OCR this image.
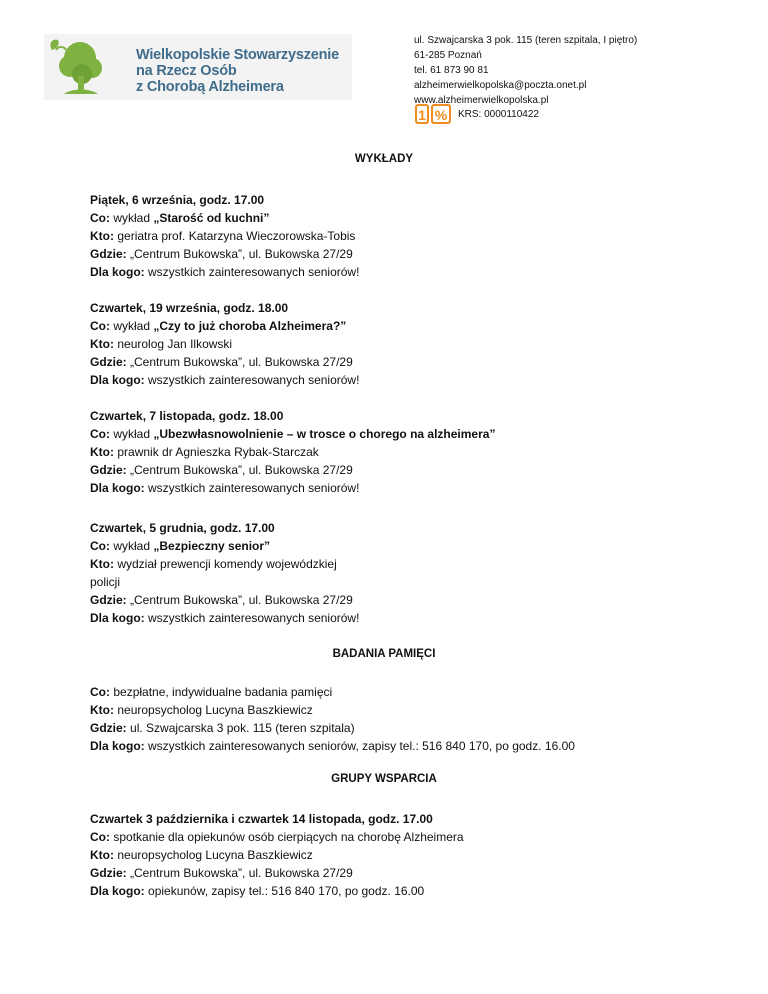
Wielkopolskie Stowarzyszenie
na Rzecz Osób
z Chorobą Alzheimera
ul. Szwajcarska 3 pok. 115 (teren szpitala, I piętro)
61-285 Poznań
tel. 61 873 90 81
alzheimerwielkopolska@poczta.onet.pl
www.alzheimerwielkopolska.pl
1 %	KRS: 0000110422
WYKŁADY
Piątek, 6 września, godz. 17.00
Co: wykład „Starość od kuchni”
Kto: geriatra prof. Katarzyna Wieczorowska-Tobis
Gdzie: „Centrum Bukowska”, ul. Bukowska 27/29
Dla kogo: wszystkich zainteresowanych seniorów!
Czwartek, 19 września, godz. 18.00
Co: wykład „Czy to już choroba Alzheimera?”
Kto: neurolog Jan Ilkowski
Gdzie: „Centrum Bukowska”, ul. Bukowska 27/29
Dla kogo: wszystkich zainteresowanych seniorów!
Czwartek, 7 listopada, godz. 18.00
Co: wykład „Ubezwłasnowolnienie – w trosce o chorego na alzheimera”
Kto: prawnik dr Agnieszka Rybak-Starczak
Gdzie: „Centrum Bukowska”, ul. Bukowska 27/29
Dla kogo: wszystkich zainteresowanych seniorów!
Czwartek, 5 grudnia, godz. 17.00
Co: wykład „Bezpieczny senior”
Kto: wydział prewencji komendy wojewódzkiej
policji
Gdzie: „Centrum Bukowska”, ul. Bukowska 27/29
Dla kogo: wszystkich zainteresowanych seniorów!
BADANIA PAMIĘCI
Co: bezpłatne, indywidualne badania pamięci
Kto: neuropsycholog Lucyna Baszkiewicz
Gdzie: ul. Szwajcarska 3 pok. 115 (teren szpitala)
Dla kogo: wszystkich zainteresowanych seniorów, zapisy tel.: 516 840 170, po godz. 16.00
GRUPY WSPARCIA
Czwartek 3 października i czwartek 14 listopada, godz. 17.00
Co: spotkanie dla opiekunów osób cierpiących na chorobę Alzheimera
Kto: neuropsycholog Lucyna Baszkiewicz
Gdzie: „Centrum Bukowska”, ul. Bukowska 27/29
Dla kogo: opiekunów, zapisy tel.: 516 840 170, po godz. 16.00
